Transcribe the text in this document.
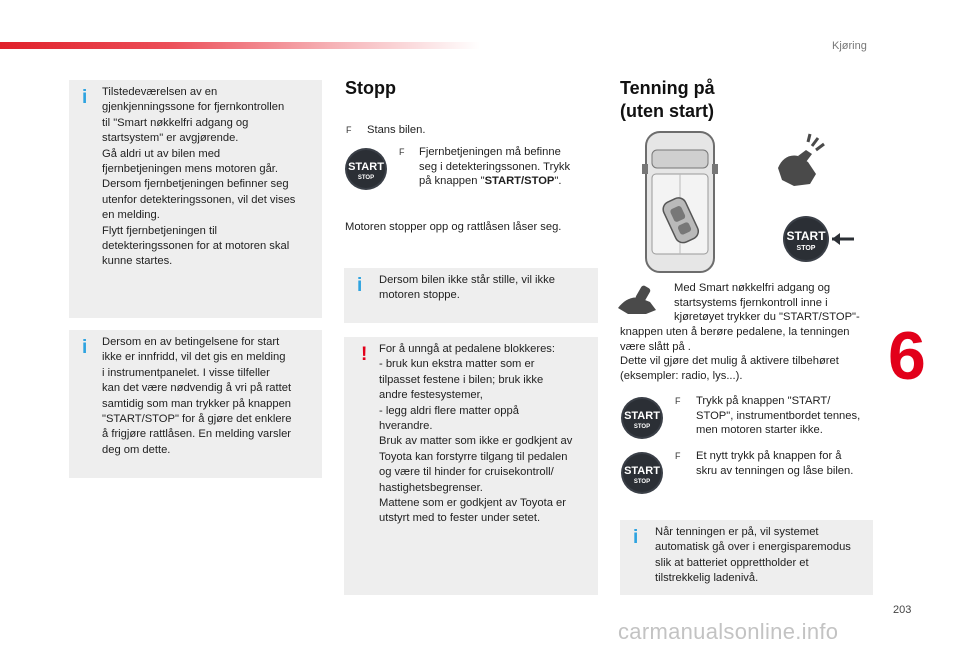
Kjøring
6
203
carmanualsonline.info
i Tilstedeværelsen av en
gjenkjenningssone for fjernkontrollen
til "Smart nøkkelfri adgang og
startsystem" er avgjørende.
Gå aldri ut av bilen med
fjernbetjeningen mens motoren går.
Dersom fjernbetjeningen befinner seg
utenfor detekteringssonen, vil det vises
en melding.
Flytt fjernbetjeningen til
detekteringssonen for at motoren skal
kunne startes.
i Dersom en av betingelsene for start
ikke er innfridd, vil det gis en melding
i instrumentpanelet. I visse tilfeller
kan det være nødvendig å vri på rattet
samtidig som man trykker på knappen
"START/STOP" for å gjøre det enklere
å frigjøre rattlåsen. En melding varsler
deg om dette.
Stopp
F Stans bilen.
START
STOP
F Fjernbetjeningen må befinne
seg i detekteringssonen. Trykk
på knappen "START/STOP".
Motoren stopper opp og rattlåsen låser seg.
i Dersom bilen ikke står stille, vil ikke
motoren stoppe.
! For å unngå at pedalene blokkeres:
- bruk kun ekstra matter som er
tilpasset festene i bilen; bruk ikke
andre festesystemer,
- legg aldri flere matter oppå
hverandre.
Bruk av matter som ikke er godkjent av
Toyota kan forstyrre tilgang til pedalen
og være til hinder for cruisekontroll/
hastighetsbegrenser.
Mattene som er godkjent av Toyota er
utstyrt med to fester under setet.
Tenning på
(uten start)
START
STOP
Med Smart nøkkelfri adgang og
startsystems fjernkontroll inne i
kjøretøyet trykker du "START/STOP"-
knappen uten å berøre pedalene, la tenningen
være slått på .
Dette vil gjøre det mulig å aktivere tilbehøret
(eksempler: radio, lys...).
START
STOP
F Trykk på knappen "START/
STOP", instrumentbordet tennes,
men motoren starter ikke.
START
STOP
F Et nytt trykk på knappen for å
skru av tenningen og låse bilen.
i Når tenningen er på, vil systemet
automatisk gå over i energisparemodus
slik at batteriet opprettholder et
tilstrekkelig ladenivå.
